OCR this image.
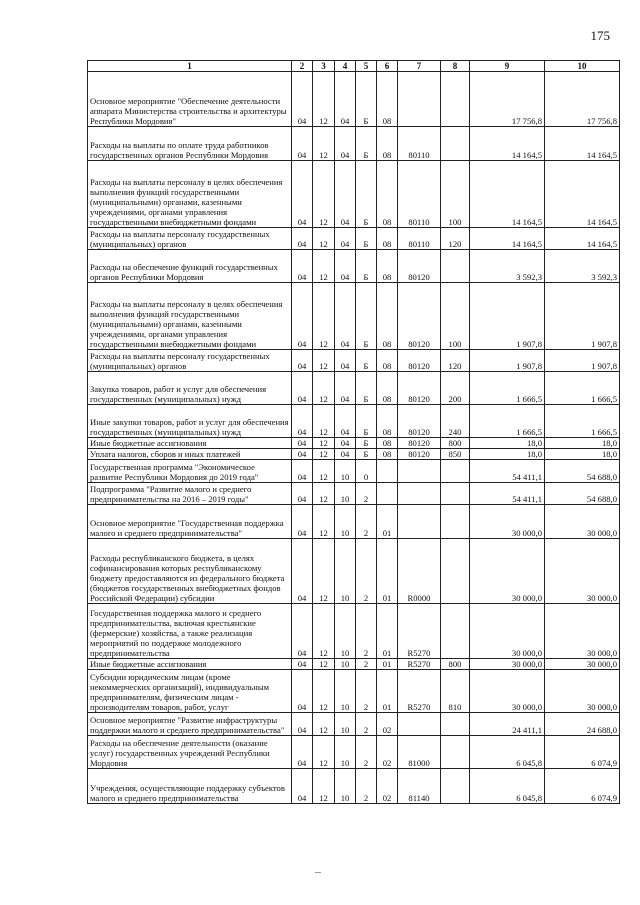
175
1	2	3	4	5	6	7	8	9	10
Основное мероприятие "Обеспечение деятельности аппарата Министерства строительства и архитектуры Республики Мордовия"	04	12	04	Б	08			17 756,8	17 756,8
Расходы на выплаты по оплате труда работников государственных органов Республики Мордовия	04	12	04	Б	08	80110		14 164,5	14 164,5
Расходы на выплаты персоналу в целях обеспечения выполнения функций государственными (муниципальными) органами, казенными учреждениями, органами управления государственными внебюджетными фондами	04	12	04	Б	08	80110	100	14 164,5	14 164,5
Расходы на выплаты персоналу государственных (муниципальных) органов	04	12	04	Б	08	80110	120	14 164,5	14 164,5
Расходы на обеспечение функций государственных органов Республики Мордовия	04	12	04	Б	08	80120		3 592,3	3 592,3
Расходы на выплаты персоналу в целях обеспечения выполнения функций государственными (муниципальными) органами, казенными учреждениями, органами управления государственными внебюджетными фондами	04	12	04	Б	08	80120	100	1 907,8	1 907,8
Расходы на выплаты персоналу государственных (муниципальных) органов	04	12	04	Б	08	80120	120	1 907,8	1 907,8
Закупка товаров, работ и услуг для обеспечения государственных (муниципальных) нужд	04	12	04	Б	08	80120	200	1 666,5	1 666,5
Иные закупки товаров, работ и услуг для обеспечения государственных (муниципальных) нужд	04	12	04	Б	08	80120	240	1 666,5	1 666,5
Иные бюджетные ассигнования	04	12	04	Б	08	80120	800	18,0	18,0
Уплата налогов, сборов и иных платежей	04	12	04	Б	08	80120	850	18,0	18,0
Государственная программа "Экономическое развитие Республики Мордовия до 2019 года"	04	12	10	0				54 411,1	54 688,0
Подпрограмма "Развитие малого и среднего предпринимательства на 2016 – 2019 годы"	04	12	10	2				54 411,1	54 688,0
Основное мероприятие "Государственная поддержка малого и среднего предпринимательства"	04	12	10	2	01			30 000,0	30 000,0
Расходы республиканского бюджета, в целях софинансирования которых республиканскому бюджету предоставляются из федерального бюджета (бюджетов государственных внебюджетных фондов Российской Федерации) субсидии	04	12	10	2	01	R0000		30 000,0	30 000,0
Государственная поддержка малого и среднего предпринимательства, включая крестьянские (фермерские) хозяйства, а также реализация мероприятий по поддержке молодежного предпринимательства	04	12	10	2	01	R5270		30 000,0	30 000,0
Иные бюджетные ассигнования	04	12	10	2	01	R5270	800	30 000,0	30 000,0
Субсидии юридическим лицам (кроме некоммерческих организаций), индивидуальным предпринимателям, физическим лицам - производителям товаров, работ, услуг	04	12	10	2	01	R5270	810	30 000,0	30 000,0
Основное мероприятие "Развитие инфраструктуры поддержки малого и среднего предпринимательства"	04	12	10	2	02			24 411,1	24 688,0
Расходы на обеспечение деятельности (оказание услуг) государственных учреждений Республики Мордовия	04	12	10	2	02	81000		6 045,8	6 074,9
Учреждения, осуществляющие поддержку субъектов малого и среднего предпринимательства	04	12	10	2	02	81140		6 045,8	6 074,9
